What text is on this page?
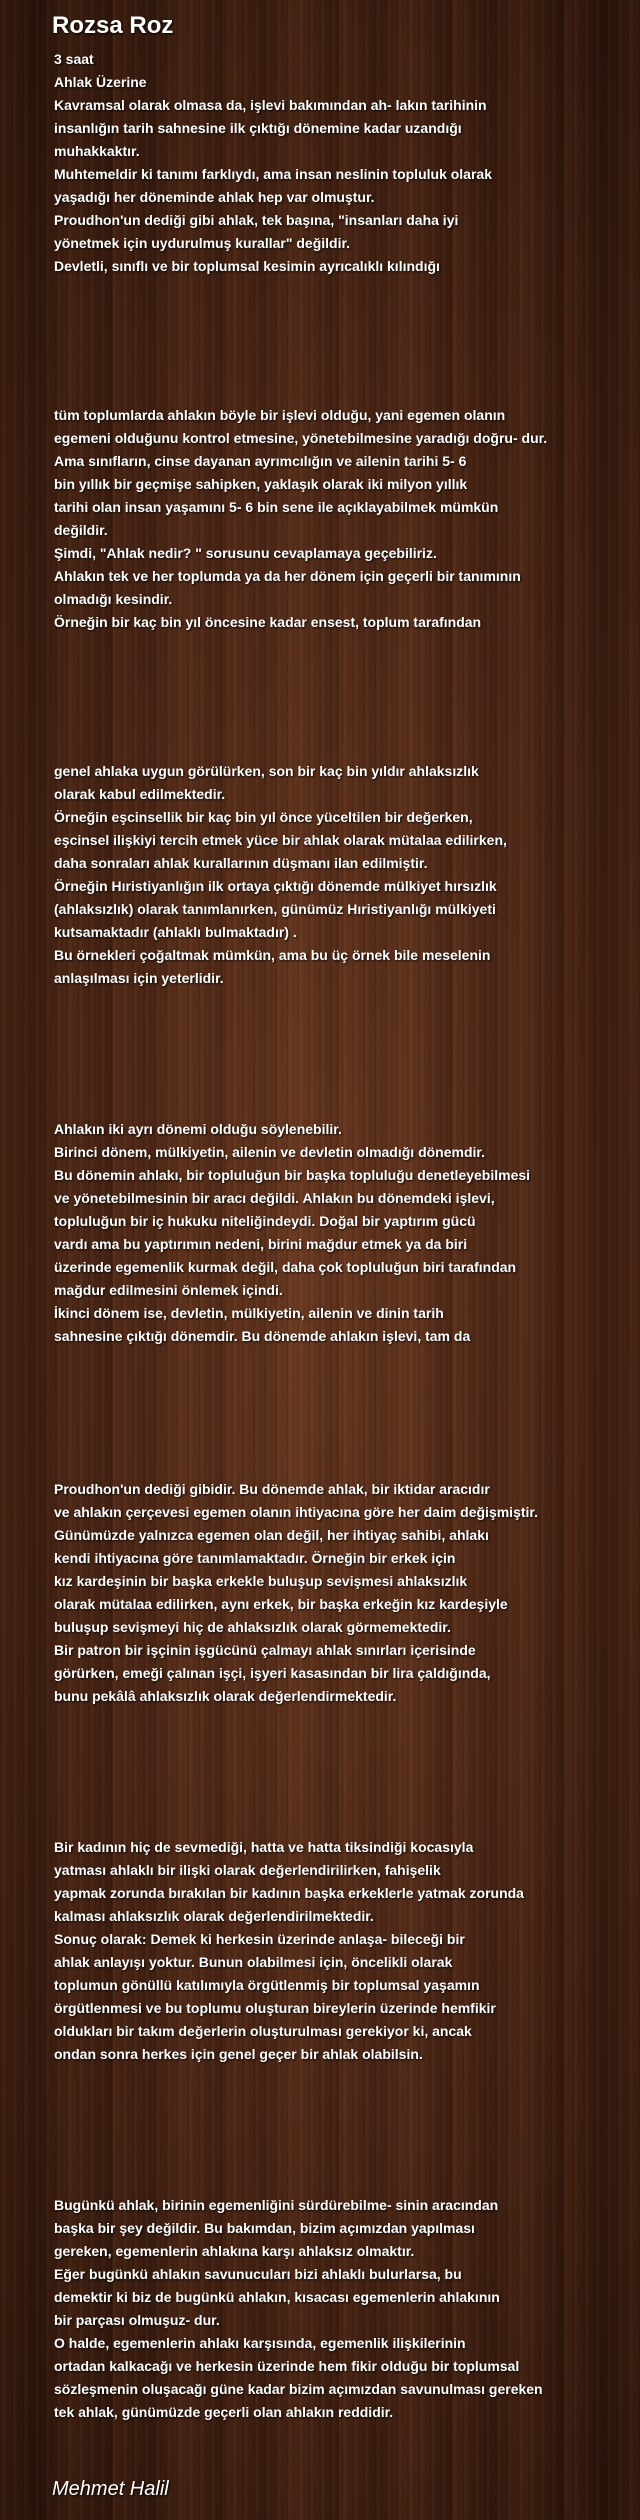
Rozsa Roz
3 saat
Ahlak Üzerine
Kavramsal olarak olmasa da, işlevi bakımından ah- lakın tarihinin
insanlığın tarih sahnesine ilk çıktığı dönemine kadar uzandığı
muhakkaktır.
Muhtemeldir ki tanımı farklıydı, ama insan neslinin topluluk olarak
yaşadığı her döneminde ahlak hep var olmuştur.
Proudhon'un dediği gibi ahlak, tek başına, "insanları daha iyi
yönetmek için uydurulmuş kurallar" değildir.
Devletli, sınıflı ve bir toplumsal kesimin ayrıcalıklı kılındığı
tüm toplumlarda ahlakın böyle bir işlevi olduğu, yani egemen olanın
egemeni olduğunu kontrol etmesine, yönetebilmesine yaradığı doğru- dur.
Ama sınıfların, cinse dayanan ayrımcılığın ve ailenin tarihi 5- 6
bin yıllık bir geçmişe sahipken, yaklaşık olarak iki milyon yıllık
tarihi olan insan yaşamını 5- 6 bin sene ile açıklayabilmek mümkün
değildir.
Şimdi, "Ahlak nedir? " sorusunu cevaplamaya geçebiliriz.
Ahlakın tek ve her toplumda ya da her dönem için geçerli bir tanımının
olmadığı kesindir.
Örneğin bir kaç bin yıl öncesine kadar ensest, toplum tarafından
genel ahlaka uygun görülürken, son bir kaç bin yıldır ahlaksızlık
olarak kabul edilmektedir.
Örneğin eşcinsellik bir kaç bin yıl önce yüceltilen bir değerken,
eşcinsel ilişkiyi tercih etmek yüce bir ahlak olarak mütalaa edilirken,
daha sonraları ahlak kurallarının düşmanı ilan edilmiştir.
Örneğin Hıristiyanlığın ilk ortaya çıktığı dönemde mülkiyet hırsızlık
(ahlaksızlık) olarak tanımlanırken, günümüz Hıristiyanlığı mülkiyeti
kutsamaktadır (ahlaklı bulmaktadır) .
Bu örnekleri çoğaltmak mümkün, ama bu üç örnek bile meselenin
anlaşılması için yeterlidir.
Ahlakın iki ayrı dönemi olduğu söylenebilir.
Birinci dönem, mülkiyetin, ailenin ve devletin olmadığı dönemdir.
Bu dönemin ahlakı, bir topluluğun bir başka topluluğu denetleyebilmesi
ve yönetebilmesinin bir aracı değildi. Ahlakın bu dönemdeki işlevi,
topluluğun bir iç hukuku niteliğindeydi. Doğal bir yaptırım gücü
vardı ama bu yaptırımın nedeni, birini mağdur etmek ya da biri
üzerinde egemenlik kurmak değil, daha çok topluluğun biri tarafından
mağdur edilmesini önlemek içindi.
İkinci dönem ise, devletin, mülkiyetin, ailenin ve dinin tarih
sahnesine çıktığı dönemdir. Bu dönemde ahlakın işlevi, tam da
Proudhon'un dediği gibidir. Bu dönemde ahlak, bir iktidar aracıdır
ve ahlakın çerçevesi egemen olanın ihtiyacına göre her daim değişmiştir.
Günümüzde yalnızca egemen olan değil, her ihtiyaç sahibi, ahlakı
kendi ihtiyacına göre tanımlamaktadır. Örneğin bir erkek için
kız kardeşinin bir başka erkekle buluşup sevişmesi ahlaksızlık
olarak mütalaa edilirken, aynı erkek, bir başka erkeğin kız kardeşiyle
buluşup sevişmeyi hiç de ahlaksızlık olarak görmemektedir.
Bir patron bir işçinin işgücünü çalmayı ahlak sınırları içerisinde
görürken, emeği çalınan işçi, işyeri kasasından bir lira çaldığında,
bunu pekâlâ ahlaksızlık olarak değerlendirmektedir.
Bir kadının hiç de sevmediği, hatta ve hatta tiksindiği kocasıyla
yatması ahlaklı bir ilişki olarak değerlendirilirken, fahişelik
yapmak zorunda bırakılan bir kadının başka erkeklerle yatmak zorunda
kalması ahlaksızlık olarak değerlendirilmektedir.
Sonuç olarak: Demek ki herkesin üzerinde anlaşa- bileceği bir
ahlak anlayışı yoktur. Bunun olabilmesi için, öncelikli olarak
toplumun gönüllü katılımıyla örgütlenmiş bir toplumsal yaşamın
örgütlenmesi ve bu toplumu oluşturan bireylerin üzerinde hemfikir
oldukları bir takım değerlerin oluşturulması gerekiyor ki, ancak
ondan sonra herkes için genel geçer bir ahlak olabilsin.
Bugünkü ahlak, birinin egemenliğini sürdürebilme- sinin aracından
başka bir şey değildir. Bu bakımdan, bizim açımızdan yapılması
gereken, egemenlerin ahlakına karşı ahlaksız olmaktır.
Eğer bugünkü ahlakın savunucuları bizi ahlaklı bulurlarsa, bu
demektir ki biz de bugünkü ahlakın, kısacası egemenlerin ahlakının
bir parçası olmuşuz- dur.
O halde, egemenlerin ahlakı karşısında, egemenlik ilişkilerinin
ortadan kalkacağı ve herkesin üzerinde hem fikir olduğu bir toplumsal
sözleşmenin oluşacağı güne kadar bizim açımızdan savunulması gereken
tek ahlak, günümüzde geçerli olan ahlakın reddidir.
Mehmet Halil
